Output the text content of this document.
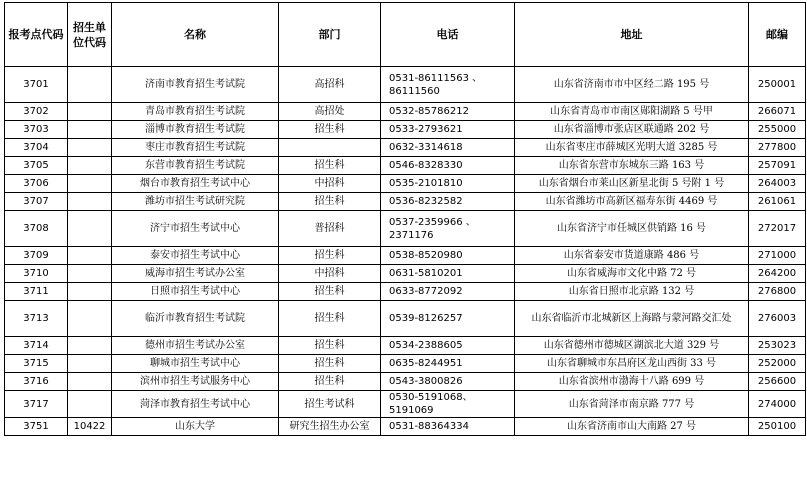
报考点代码	招生单位代码	名称	部门	电话	地址	邮编
3701		济南市教育招生考试院	高招科	0531-86111563 、86111560	山东省济南市市中区经二路 195 号	250001
3702		青岛市教育招生考试院	高招处	0532-85786212	山东省青岛市市南区郧阳湖路 5 号甲	266071
3703		淄博市教育招生考试院	招生科	0533-2793621	山东省淄博市张店区联通路 202 号	255000
3704		枣庄市教育招生考试院		0632-3314618	山东省枣庄市薛城区光明大道 3285 号	277800
3705		东营市教育招生考试院	招生科	0546-8328330	山东省东营市东城东三路 163 号	257091
3706		烟台市教育招生考试中心	中招科	0535-2101810	山东省烟台市莱山区新星北街 5 号附 1 号	264003
3707		潍坊市招生考试研究院	招生科	0536-8232582	山东省潍坊市高新区福寿东街 4469 号	261061
3708		济宁市招生考试中心	普招科	0537-2359966 、2371176	山东省济宁市任城区供销路 16 号	272017
3709		泰安市招生考试中心	招生科	0538-8520980	山东省泰安市货道康路 486 号	271000
3710		威海市招生考试办公室	中招科	0631-5810201	山东省威海市文化中路 72 号	264200
3711		日照市招生考试中心	招生科	0633-8772092	山东省日照市北京路 132 号	276800
3713		临沂市教育招生考试院	招生科	0539-8126257	山东省临沂市北城新区上海路与蒙河路交汇处	276003
3714		德州市招生考试办公室	招生科	0534-2388605	山东省德州市德城区湖滨北大道 329 号	253023
3715		聊城市招生考试中心	招生科	0635-8244951	山东省聊城市东昌府区龙山西街 33 号	252000
3716		滨州市招生考试服务中心	招生科	0543-3800826	山东省滨州市渤海十八路 699 号	256600
3717		菏泽市教育招生考试中心	招生考试科	0530-5191068、5191069	山东省菏泽市南京路 777 号	274000
3751	10422	山东大学	研究生招生办公室	0531-88364334	山东省济南市山大南路 27 号	250100
